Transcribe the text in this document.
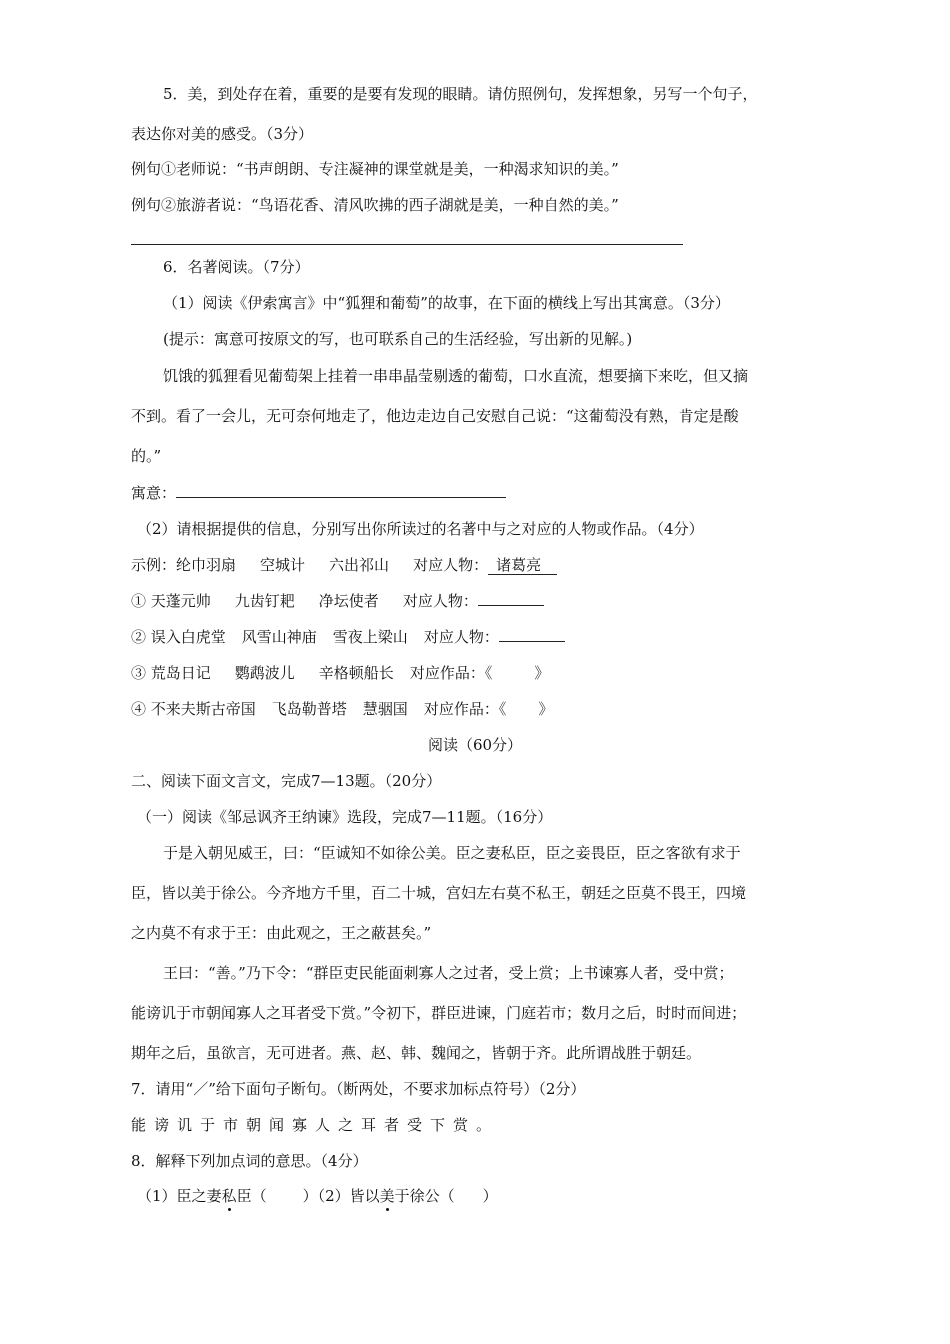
5．美，到处存在着，重要的是要有发现的眼睛。请仿照例句，发挥想象，另写一个句子，
表达你对美的感受。（3分）
例句①老师说：“书声朗朗、专注凝神的课堂就是美，一种渴求知识的美。”
例句②旅游者说：“鸟语花香、清风吹拂的西子湖就是美，一种自然的美。”
6．名著阅读。（7分）
（1）阅读《伊索寓言》中“狐狸和葡萄”的故事，在下面的横线上写出其寓意。（3分）
(提示：寓意可按原文的写，也可联系自己的生活经验，写出新的见解。)
饥饿的狐狸看见葡萄架上挂着一串串晶莹剔透的葡萄，口水直流，想要摘下来吃，但又摘
不到。看了一会儿，无可奈何地走了，他边走边自己安慰自己说：“这葡萄没有熟，肯定是酸
的。”
寓意：
（2）请根据提供的信息，分别写出你所读过的名著中与之对应的人物或作品。（4分）
示例：纶巾羽扇 空城计 六出祁山 对应人物： 诸葛亮
① 天蓬元帅 九齿钉耙 净坛使者 对应人物：
② 误入白虎堂 风雪山神庙 雪夜上梁山 对应人物：
③ 荒岛日记 鹦鹉波儿 辛格顿船长 对应作品：《	》
④ 不来夫斯古帝国 飞岛勒普塔 慧骃国 对应作品：《 》
阅读（60分）
二、阅读下面文言文，完成7—13题。（20分）
（一）阅读《邹忌讽齐王纳谏》选段，完成7—11题。（16分）
于是入朝见威王，曰：“臣诚知不如徐公美。臣之妻私臣，臣之妾畏臣，臣之客欲有求于
臣，皆以美于徐公。今齐地方千里，百二十城，宫妇左右莫不私王，朝廷之臣莫不畏王，四境
之内莫不有求于王：由此观之，王之蔽甚矣。”
王曰：“善。”乃下令：“群臣吏民能面刺寡人之过者，受上赏；上书谏寡人者，受中赏；
能谤讥于市朝闻寡人之耳者受下赏。”令初下，群臣进谏，门庭若市；数月之后，时时而间进；
期年之后，虽欲言，无可进者。燕、赵、韩、魏闻之，皆朝于齐。此所谓战胜于朝廷。
7．请用“／”给下面句子断句。（断两处，不要求加标点符号）（2分）
能谤讥于市朝闻寡人之耳者受下赏。
8．解释下列加点词的意思。（4分）
（1）臣之妻私臣（ ）（2）皆以美于徐公（ ）
